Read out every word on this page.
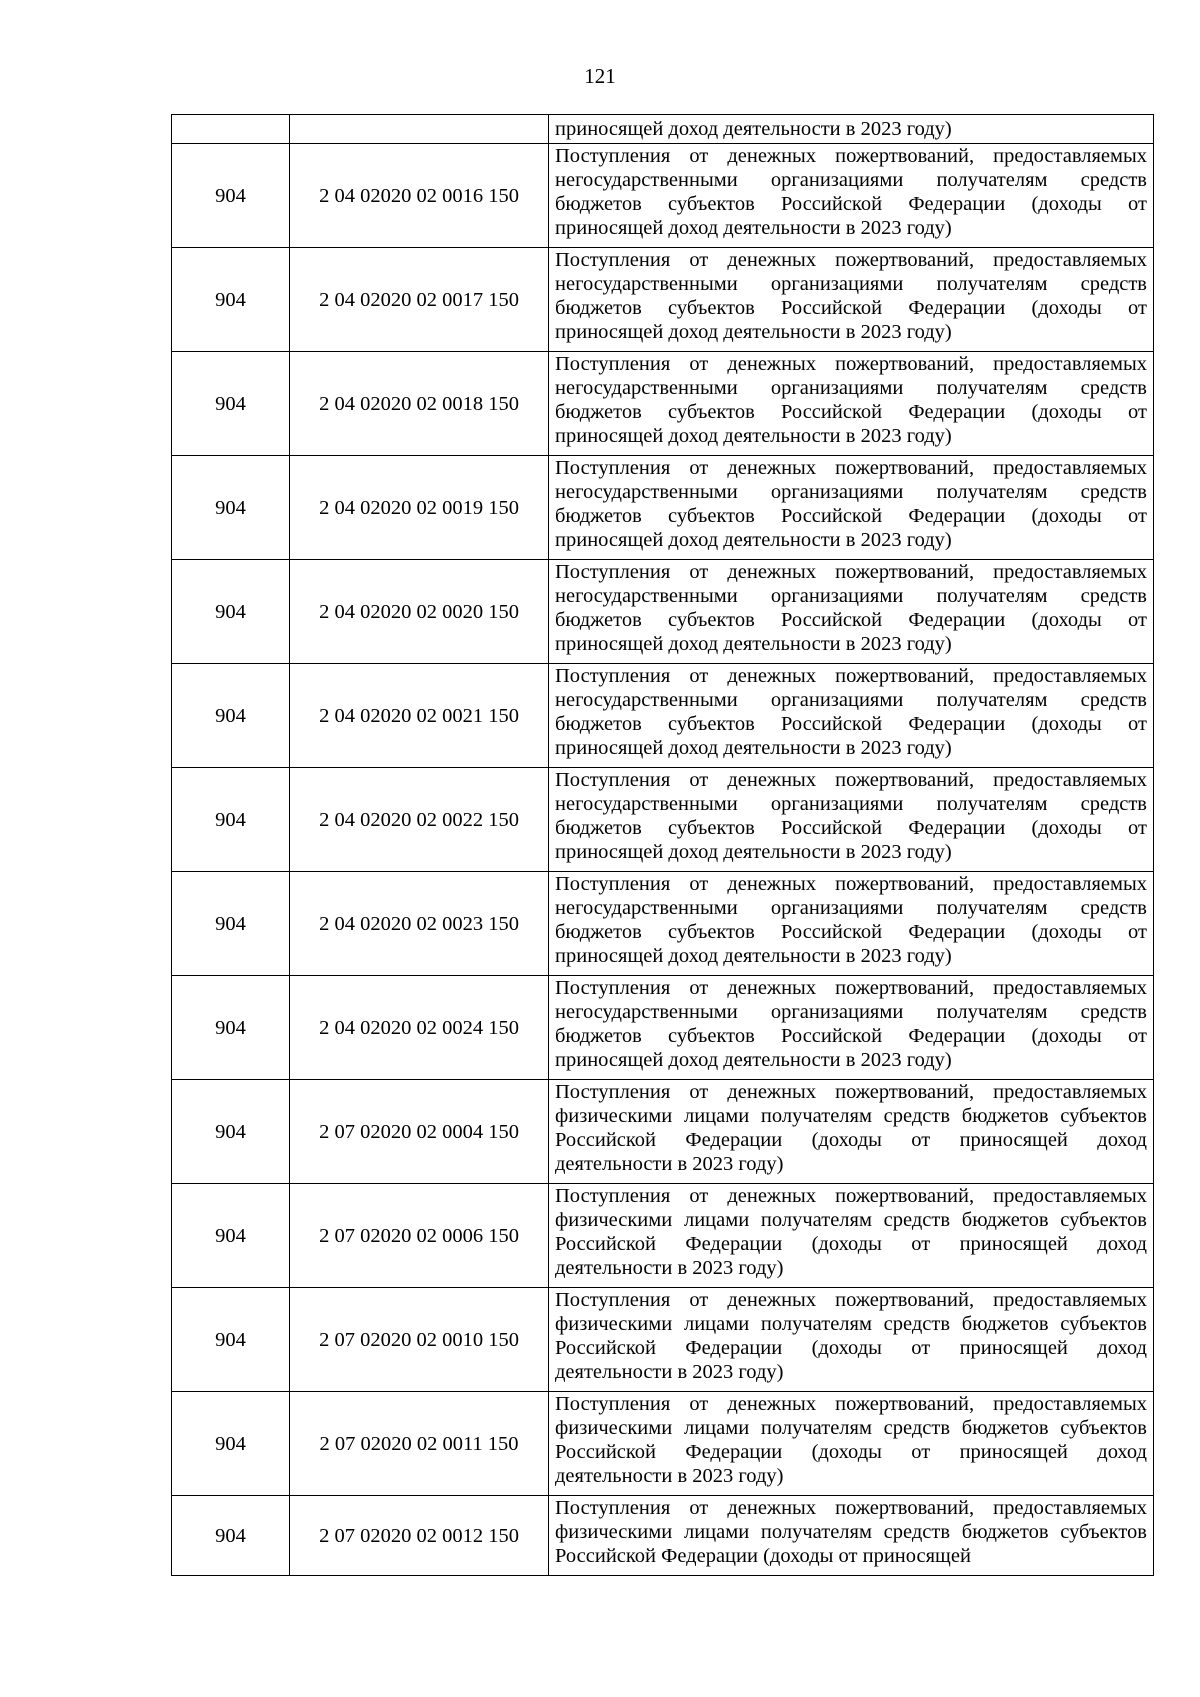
121
		приносящей доход деятельности в 2023 году)
904	2 04 02020 02 0016 150	Поступления от денежных пожертвований, предоставляемых негосударственными организациями получателям средств бюджетов субъектов Российской Федерации (доходы от приносящей доход деятельности в 2023 году)
904	2 04 02020 02 0017 150	Поступления от денежных пожертвований, предоставляемых негосударственными организациями получателям средств бюджетов субъектов Российской Федерации (доходы от приносящей доход деятельности в 2023 году)
904	2 04 02020 02 0018 150	Поступления от денежных пожертвований, предоставляемых негосударственными организациями получателям средств бюджетов субъектов Российской Федерации (доходы от приносящей доход деятельности в 2023 году)
904	2 04 02020 02 0019 150	Поступления от денежных пожертвований, предоставляемых негосударственными организациями получателям средств бюджетов субъектов Российской Федерации (доходы от приносящей доход деятельности в 2023 году)
904	2 04 02020 02 0020 150	Поступления от денежных пожертвований, предоставляемых негосударственными организациями получателям средств бюджетов субъектов Российской Федерации (доходы от приносящей доход деятельности в 2023 году)
904	2 04 02020 02 0021 150	Поступления от денежных пожертвований, предоставляемых негосударственными организациями получателям средств бюджетов субъектов Российской Федерации (доходы от приносящей доход деятельности в 2023 году)
904	2 04 02020 02 0022 150	Поступления от денежных пожертвований, предоставляемых негосударственными организациями получателям средств бюджетов субъектов Российской Федерации (доходы от приносящей доход деятельности в 2023 году)
904	2 04 02020 02 0023 150	Поступления от денежных пожертвований, предоставляемых негосударственными организациями получателям средств бюджетов субъектов Российской Федерации (доходы от приносящей доход деятельности в 2023 году)
904	2 04 02020 02 0024 150	Поступления от денежных пожертвований, предоставляемых негосударственными организациями получателям средств бюджетов субъектов Российской Федерации (доходы от приносящей доход деятельности в 2023 году)
904	2 07 02020 02 0004 150	Поступления от денежных пожертвований, предоставляемых физическими лицами получателям средств бюджетов субъектов Российской Федерации (доходы от приносящей доход деятельности в 2023 году)
904	2 07 02020 02 0006 150	Поступления от денежных пожертвований, предоставляемых физическими лицами получателям средств бюджетов субъектов Российской Федерации (доходы от приносящей доход деятельности в 2023 году)
904	2 07 02020 02 0010 150	Поступления от денежных пожертвований, предоставляемых физическими лицами получателям средств бюджетов субъектов Российской Федерации (доходы от приносящей доход деятельности в 2023 году)
904	2 07 02020 02 0011 150	Поступления от денежных пожертвований, предоставляемых физическими лицами получателям средств бюджетов субъектов Российской Федерации (доходы от приносящей доход деятельности в 2023 году)
904	2 07 02020 02 0012 150	Поступления от денежных пожертвований, предоставляемых физическими лицами получателям средств бюджетов субъектов Российской Федерации (доходы от приносящей
